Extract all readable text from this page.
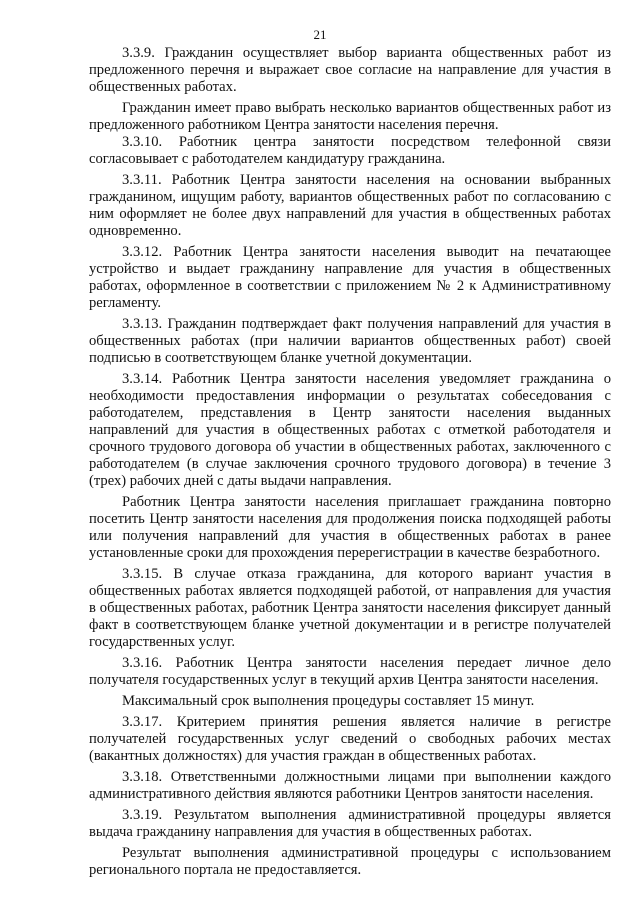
21

3.3.9. Гражданин осуществляет выбор варианта общественных работ из предложенного перечня и выражает свое согласие на направление для участия в общественных работах.

Гражданин имеет право выбрать несколько вариантов общественных работ из предложенного работником Центра занятости населения перечня.

3.3.10. Работник центра занятости посредством телефонной связи согласовывает с работодателем кандидатуру гражданина.

3.3.11. Работник Центра занятости населения на основании выбранных гражданином, ищущим работу, вариантов общественных работ по согласованию с ним оформляет не более двух направлений для участия в общественных работах одновременно.

3.3.12. Работник Центра занятости населения выводит на печатающее устройство и выдает гражданину направление для участия в общественных работах, оформленное в соответствии с приложением № 2 к Административному регламенту.

3.3.13. Гражданин подтверждает факт получения направлений для участия в общественных работах (при наличии вариантов общественных работ) своей подписью в соответствующем бланке учетной документации.

3.3.14. Работник Центра занятости населения уведомляет гражданина о необходимости предоставления информации о результатах собеседования с работодателем, представления в Центр занятости населения выданных направлений для участия в общественных работах с отметкой работодателя и срочного трудового договора об участии в общественных работах, заключенного с работодателем (в случае заключения срочного трудового договора) в течение 3 (трех) рабочих дней с даты выдачи направления.

Работник Центра занятости населения приглашает гражданина повторно посетить Центр занятости населения для продолжения поиска подходящей работы или получения направлений для участия в общественных работах в ранее установленные сроки для прохождения перерегистрации в качестве безработного.

3.3.15. В случае отказа гражданина, для которого вариант участия в общественных работах является подходящей работой, от направления для участия в общественных работах, работник Центра занятости населения фиксирует данный факт в соответствующем бланке учетной документации и в регистре получателей государственных услуг.

3.3.16. Работник Центра занятости населения передает личное дело получателя государственных услуг в текущий архив Центра занятости населения.

Максимальный срок выполнения процедуры составляет 15 минут.

3.3.17. Критерием принятия решения является наличие в регистре получателей государственных услуг сведений о свободных рабочих местах (вакантных должностях) для участия граждан в общественных работах.

3.3.18. Ответственными должностными лицами при выполнении каждого административного действия являются работники Центров занятости населения.

3.3.19. Результатом выполнения административной процедуры является выдача гражданину направления для участия в общественных работах.

Результат выполнения административной процедуры с использованием регионального портала не предоставляется.
